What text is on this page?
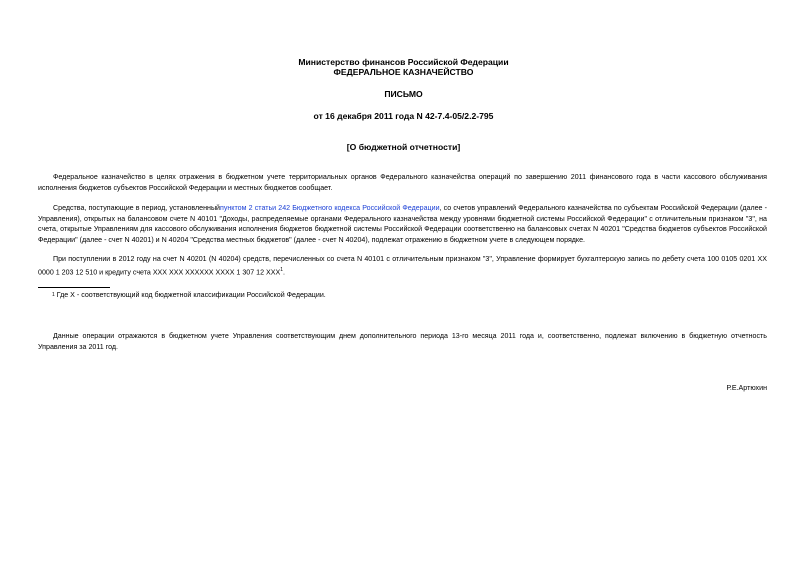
Министерство финансов Российской Федерации
ФЕДЕРАЛЬНОЕ КАЗНАЧЕЙСТВО
ПИСЬМО
от 16 декабря 2011 года N 42-7.4-05/2.2-795
[О бюджетной отчетности]
Федеральное казначейство в целях отражения в бюджетном учете территориальных органов Федерального казначейства операций по завершению 2011 финансового года в части кассового обслуживания исполнения бюджетов субъектов Российской Федерации и местных бюджетов сообщает.
Средства, поступающие в период, установленныйпунктом 2 статьи 242 Бюджетного кодекса Российской Федерации, со счетов управлений Федерального казначейства по субъектам Российской Федерации (далее - Управления), открытых на балансовом счете N 40101 "Доходы, распределяемые органами Федерального казначейства между уровнями бюджетной системы Российской Федерации" с отличительным признаком "3", на счета, открытые Управлениям для кассового обслуживания исполнения бюджетов бюджетной системы Российской Федерации соответственно на балансовых счетах N 40201 "Средства бюджетов субъектов Российской Федерации" (далее - счет N 40201) и N 40204 "Средства местных бюджетов" (далее - счет N 40204), подлежат отражению в бюджетном учете в следующем порядке.
При поступлении в 2012 году на счет N 40201 (N 40204) средств, перечисленных со счета N 40101 с отличительным признаком "3", Управление формирует бухгалтерскую запись по дебету счета 100 0105 0201 XX 0000 1 203 12 510 и кредиту счета XXX XXX XXXXXX XXXX 1 307 12 XXX$^1$.
$^1$ Где X - соответствующий код бюджетной классификации Российской Федерации.
Данные операции отражаются в бюджетном учете Управления соответствующим днем дополнительного периода 13-го месяца 2011 года и, соответственно, подлежат включению в бюджетную отчетность Управления за 2011 год.
Р.Е.Артюхин
